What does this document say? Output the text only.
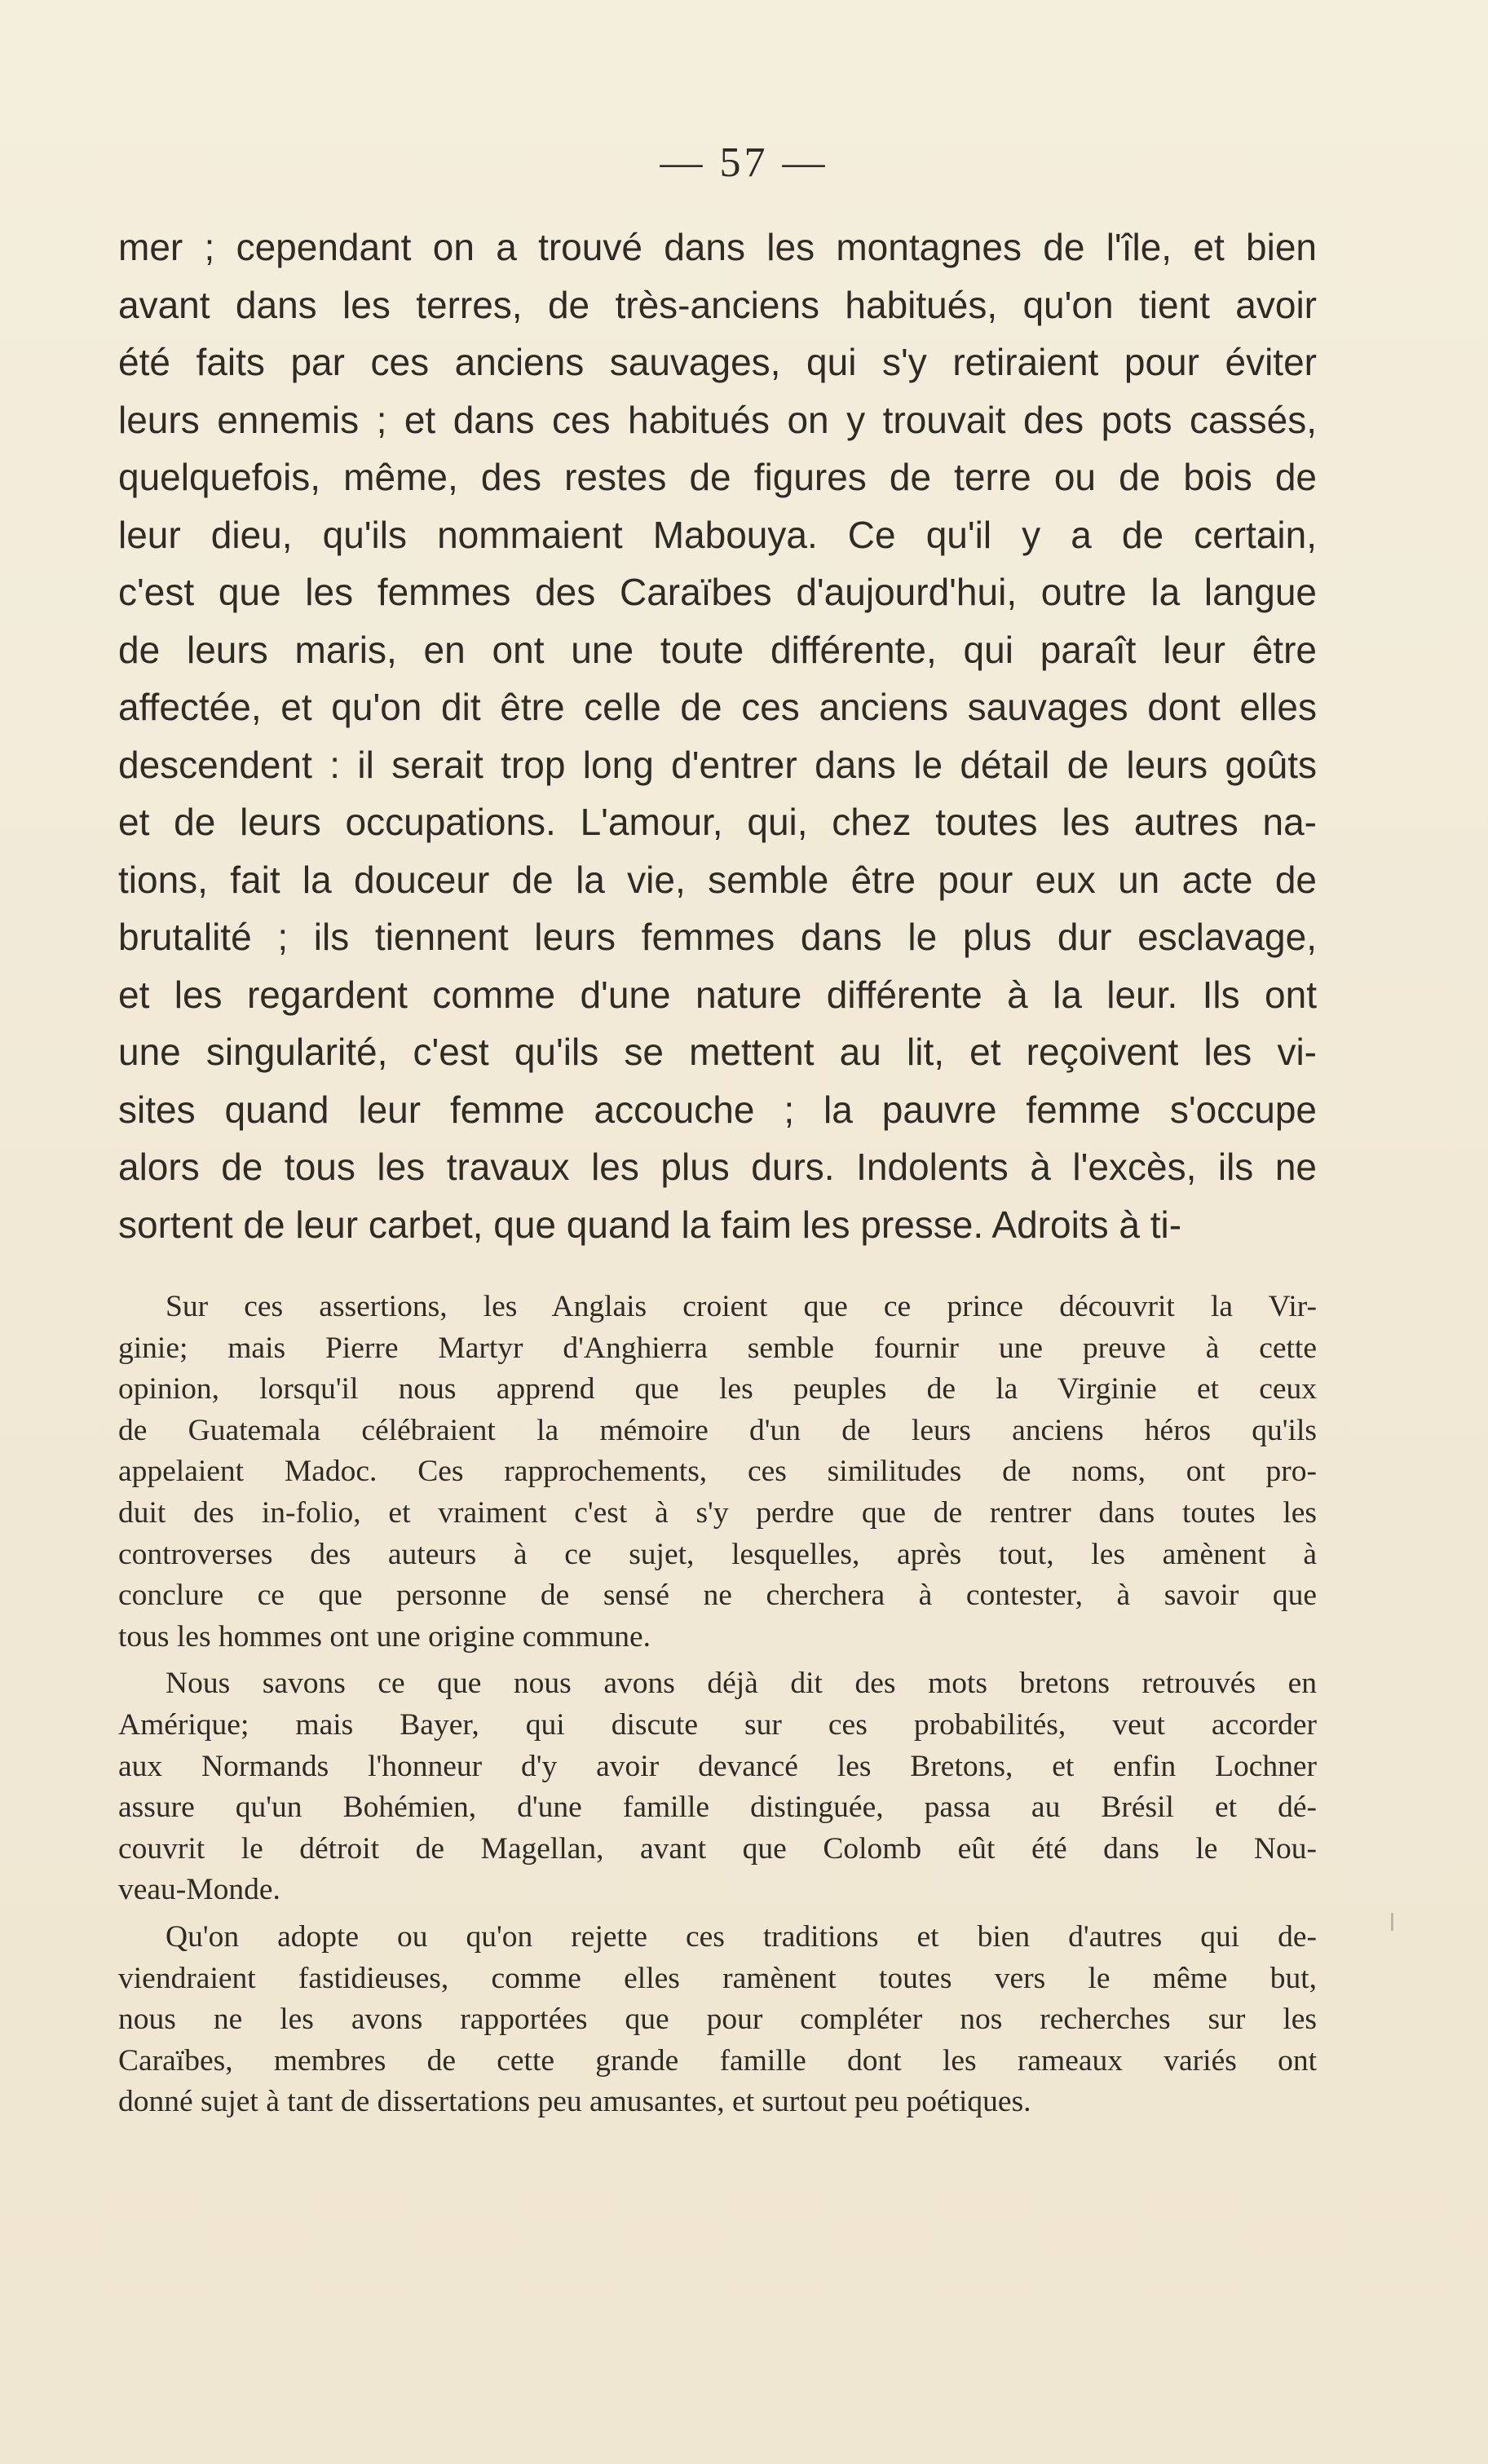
— 57 —
mer ; cependant on a trouvé dans les montagnes de l'île, et bien
avant dans les terres, de très-anciens habitués, qu'on tient avoir
été faits par ces anciens sauvages, qui s'y retiraient pour éviter
leurs ennemis ; et dans ces habitués on y trouvait des pots cassés,
quelquefois, même, des restes de figures de terre ou de bois de
leur dieu, qu'ils nommaient Mabouya. Ce qu'il y a de certain,
c'est que les femmes des Caraïbes d'aujourd'hui, outre la langue
de leurs maris, en ont une toute différente, qui paraît leur être
affectée, et qu'on dit être celle de ces anciens sauvages dont elles
descendent : il serait trop long d'entrer dans le détail de leurs goûts
et de leurs occupations. L'amour, qui, chez toutes les autres na-
tions, fait la douceur de la vie, semble être pour eux un acte de
brutalité ; ils tiennent leurs femmes dans le plus dur esclavage,
et les regardent comme d'une nature différente à la leur. Ils ont
une singularité, c'est qu'ils se mettent au lit, et reçoivent les vi-
sites quand leur femme accouche ; la pauvre femme s'occupe
alors de tous les travaux les plus durs. Indolents à l'excès, ils ne
sortent de leur carbet, que quand la faim les presse. Adroits à ti-

Sur ces assertions, les Anglais croient que ce prince découvrit la Vir-
ginie; mais Pierre Martyr d'Anghierra semble fournir une preuve à cette
opinion, lorsqu'il nous apprend que les peuples de la Virginie et ceux
de Guatemala célébraient la mémoire d'un de leurs anciens héros qu'ils
appelaient Madoc. Ces rapprochements, ces similitudes de noms, ont pro-
duit des in-folio, et vraiment c'est à s'y perdre que de rentrer dans toutes les
controverses des auteurs à ce sujet, lesquelles, après tout, les amènent à
conclure ce que personne de sensé ne cherchera à contester, à savoir que
tous les hommes ont une origine commune.

Nous savons ce que nous avons déjà dit des mots bretons retrouvés en
Amérique; mais Bayer, qui discute sur ces probabilités, veut accorder
aux Normands l'honneur d'y avoir devancé les Bretons, et enfin Lochner
assure qu'un Bohémien, d'une famille distinguée, passa au Brésil et dé-
couvrit le détroit de Magellan, avant que Colomb eût été dans le Nou-
veau-Monde.

Qu'on adopte ou qu'on rejette ces traditions et bien d'autres qui de-
viendraient fastidieuses, comme elles ramènent toutes vers le même but,
nous ne les avons rapportées que pour compléter nos recherches sur les
Caraïbes, membres de cette grande famille dont les rameaux variés ont
donné sujet à tant de dissertations peu amusantes, et surtout peu poétiques.
